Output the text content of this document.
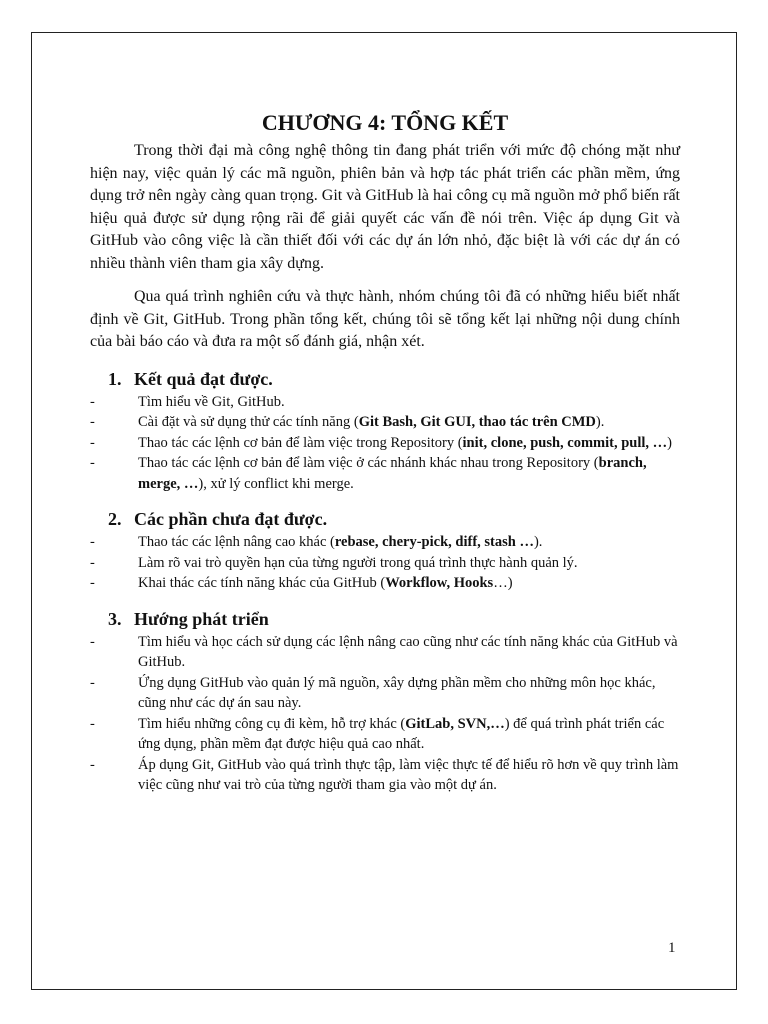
CHƯƠNG 4: TỔNG KẾT

Trong thời đại mà công nghệ thông tin đang phát triển với mức độ chóng mặt như hiện nay, việc quản lý các mã nguồn, phiên bản và hợp tác phát triển các phần mềm, ứng dụng trở nên ngày càng quan trọng. Git và GitHub là hai công cụ mã nguồn mở phổ biến rất hiệu quả được sử dụng rộng rãi để giải quyết các vấn đề nói trên. Việc áp dụng Git và GitHub vào công việc là cần thiết đối với các dự án lớn nhỏ, đặc biệt là với các dự án có nhiều thành viên tham gia xây dựng.

Qua quá trình nghiên cứu và thực hành, nhóm chúng tôi đã có những hiểu biết nhất định về Git, GitHub. Trong phần tổng kết, chúng tôi sẽ tổng kết lại những nội dung chính của bài báo cáo và đưa ra một số đánh giá, nhận xét.

1. Kết quả đạt được.
-	Tìm hiểu về Git, GitHub.
-	Cài đặt và sử dụng thử các tính năng (Git Bash, Git GUI, thao tác trên CMD).
-	Thao tác các lệnh cơ bản để làm việc trong Repository (init, clone, push, commit, pull, …)
-	Thao tác các lệnh cơ bản để làm việc ở các nhánh khác nhau trong Repository (branch, merge, …), xử lý conflict khi merge.
2. Các phần chưa đạt được.
-	Thao tác các lệnh nâng cao khác (rebase, chery-pick, diff, stash …).
-	Làm rõ vai trò quyền hạn của từng người trong quá trình thực hành quản lý.
-	Khai thác các tính năng khác của GitHub (Workflow, Hooks…)
3. Hướng phát triển
-	Tìm hiểu và học cách sử dụng các lệnh nâng cao cũng như các tính năng khác của GitHub và GitHub.
-	Ứng dụng GitHub vào quản lý mã nguồn, xây dựng phần mềm cho những môn học khác, cũng như các dự án sau này.
-	Tìm hiểu những công cụ đi kèm, hỗ trợ khác (GitLab, SVN,…) để quá trình phát triển các ứng dụng, phần mềm đạt được hiệu quả cao nhất.
-	Áp dụng Git, GitHub vào quá trình thực tập, làm việc thực tế để hiểu rõ hơn về quy trình làm việc cũng như vai trò của từng người tham gia vào một dự án.
1
